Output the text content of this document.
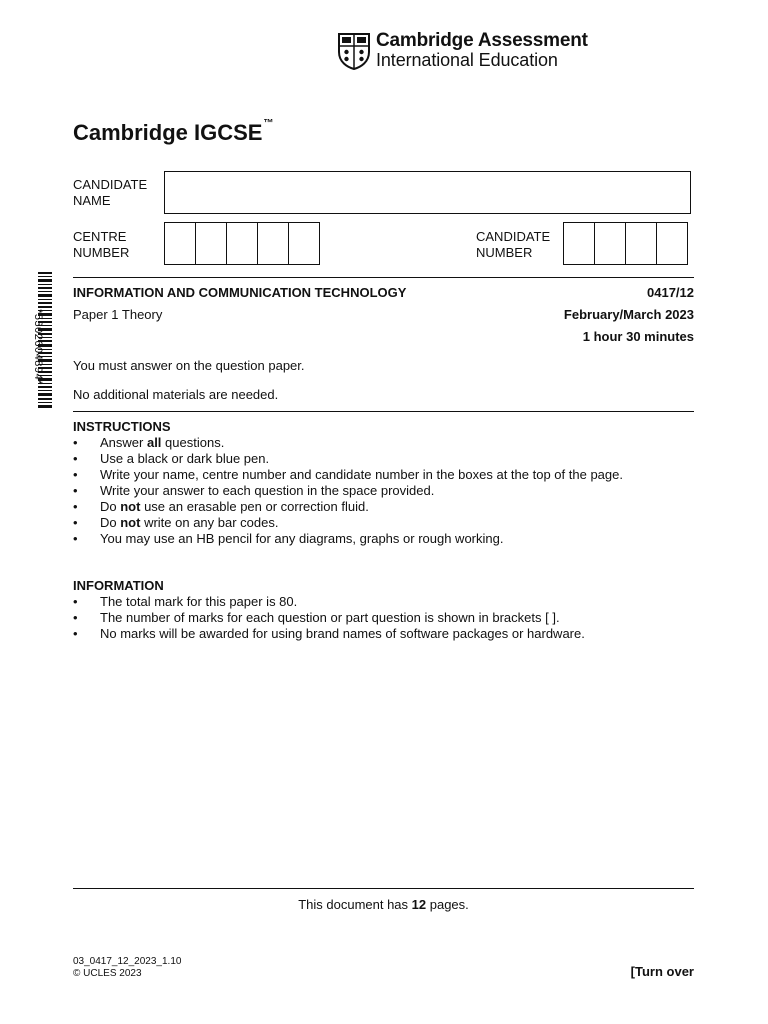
Cambridge Assessment
International Education
Cambridge IGCSE™
CANDIDATE
NAME
CENTRE
NUMBER
CANDIDATE
NUMBER
*5302604894*
INFORMATION AND COMMUNICATION TECHNOLOGY	0417/12
Paper 1 Theory	February/March 2023
1 hour 30 minutes
You must answer on the question paper.
No additional materials are needed.
INSTRUCTIONS
• Answer all questions.
• Use a black or dark blue pen.
• Write your name, centre number and candidate number in the boxes at the top of the page.
• Write your answer to each question in the space provided.
• Do not use an erasable pen or correction fluid.
• Do not write on any bar codes.
• You may use an HB pencil for any diagrams, graphs or rough working.
INFORMATION
• The total mark for this paper is 80.
• The number of marks for each question or part question is shown in brackets [ ].
• No marks will be awarded for using brand names of software packages or hardware.
This document has 12 pages.
03_0417_12_2023_1.10
© UCLES 2023	[Turn over
